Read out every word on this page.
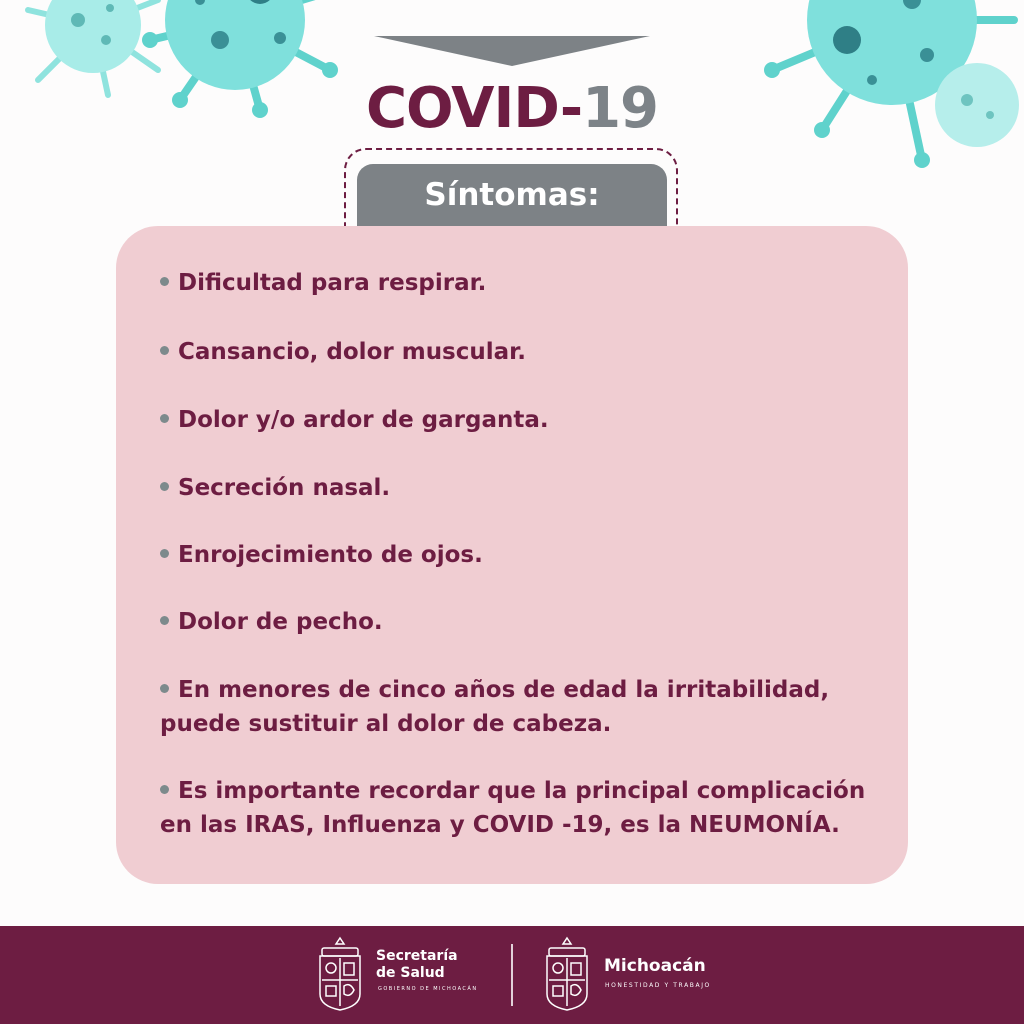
COVID-19
Síntomas:
Dificultad para respirar.
Cansancio, dolor muscular.
Dolor y/o ardor de garganta.
Secreción nasal.
Enrojecimiento de ojos.
Dolor de pecho.
En menores de cinco años de edad la irritabilidad,
puede sustituir al dolor de cabeza.
Es importante recordar que la principal complicación
en las IRAS, Influenza y COVID -19, es la NEUMONÍA.
Secretaría
de Salud
GOBIERNO DE MICHOACÁN
Michoacán
HONESTIDAD Y TRABAJO
